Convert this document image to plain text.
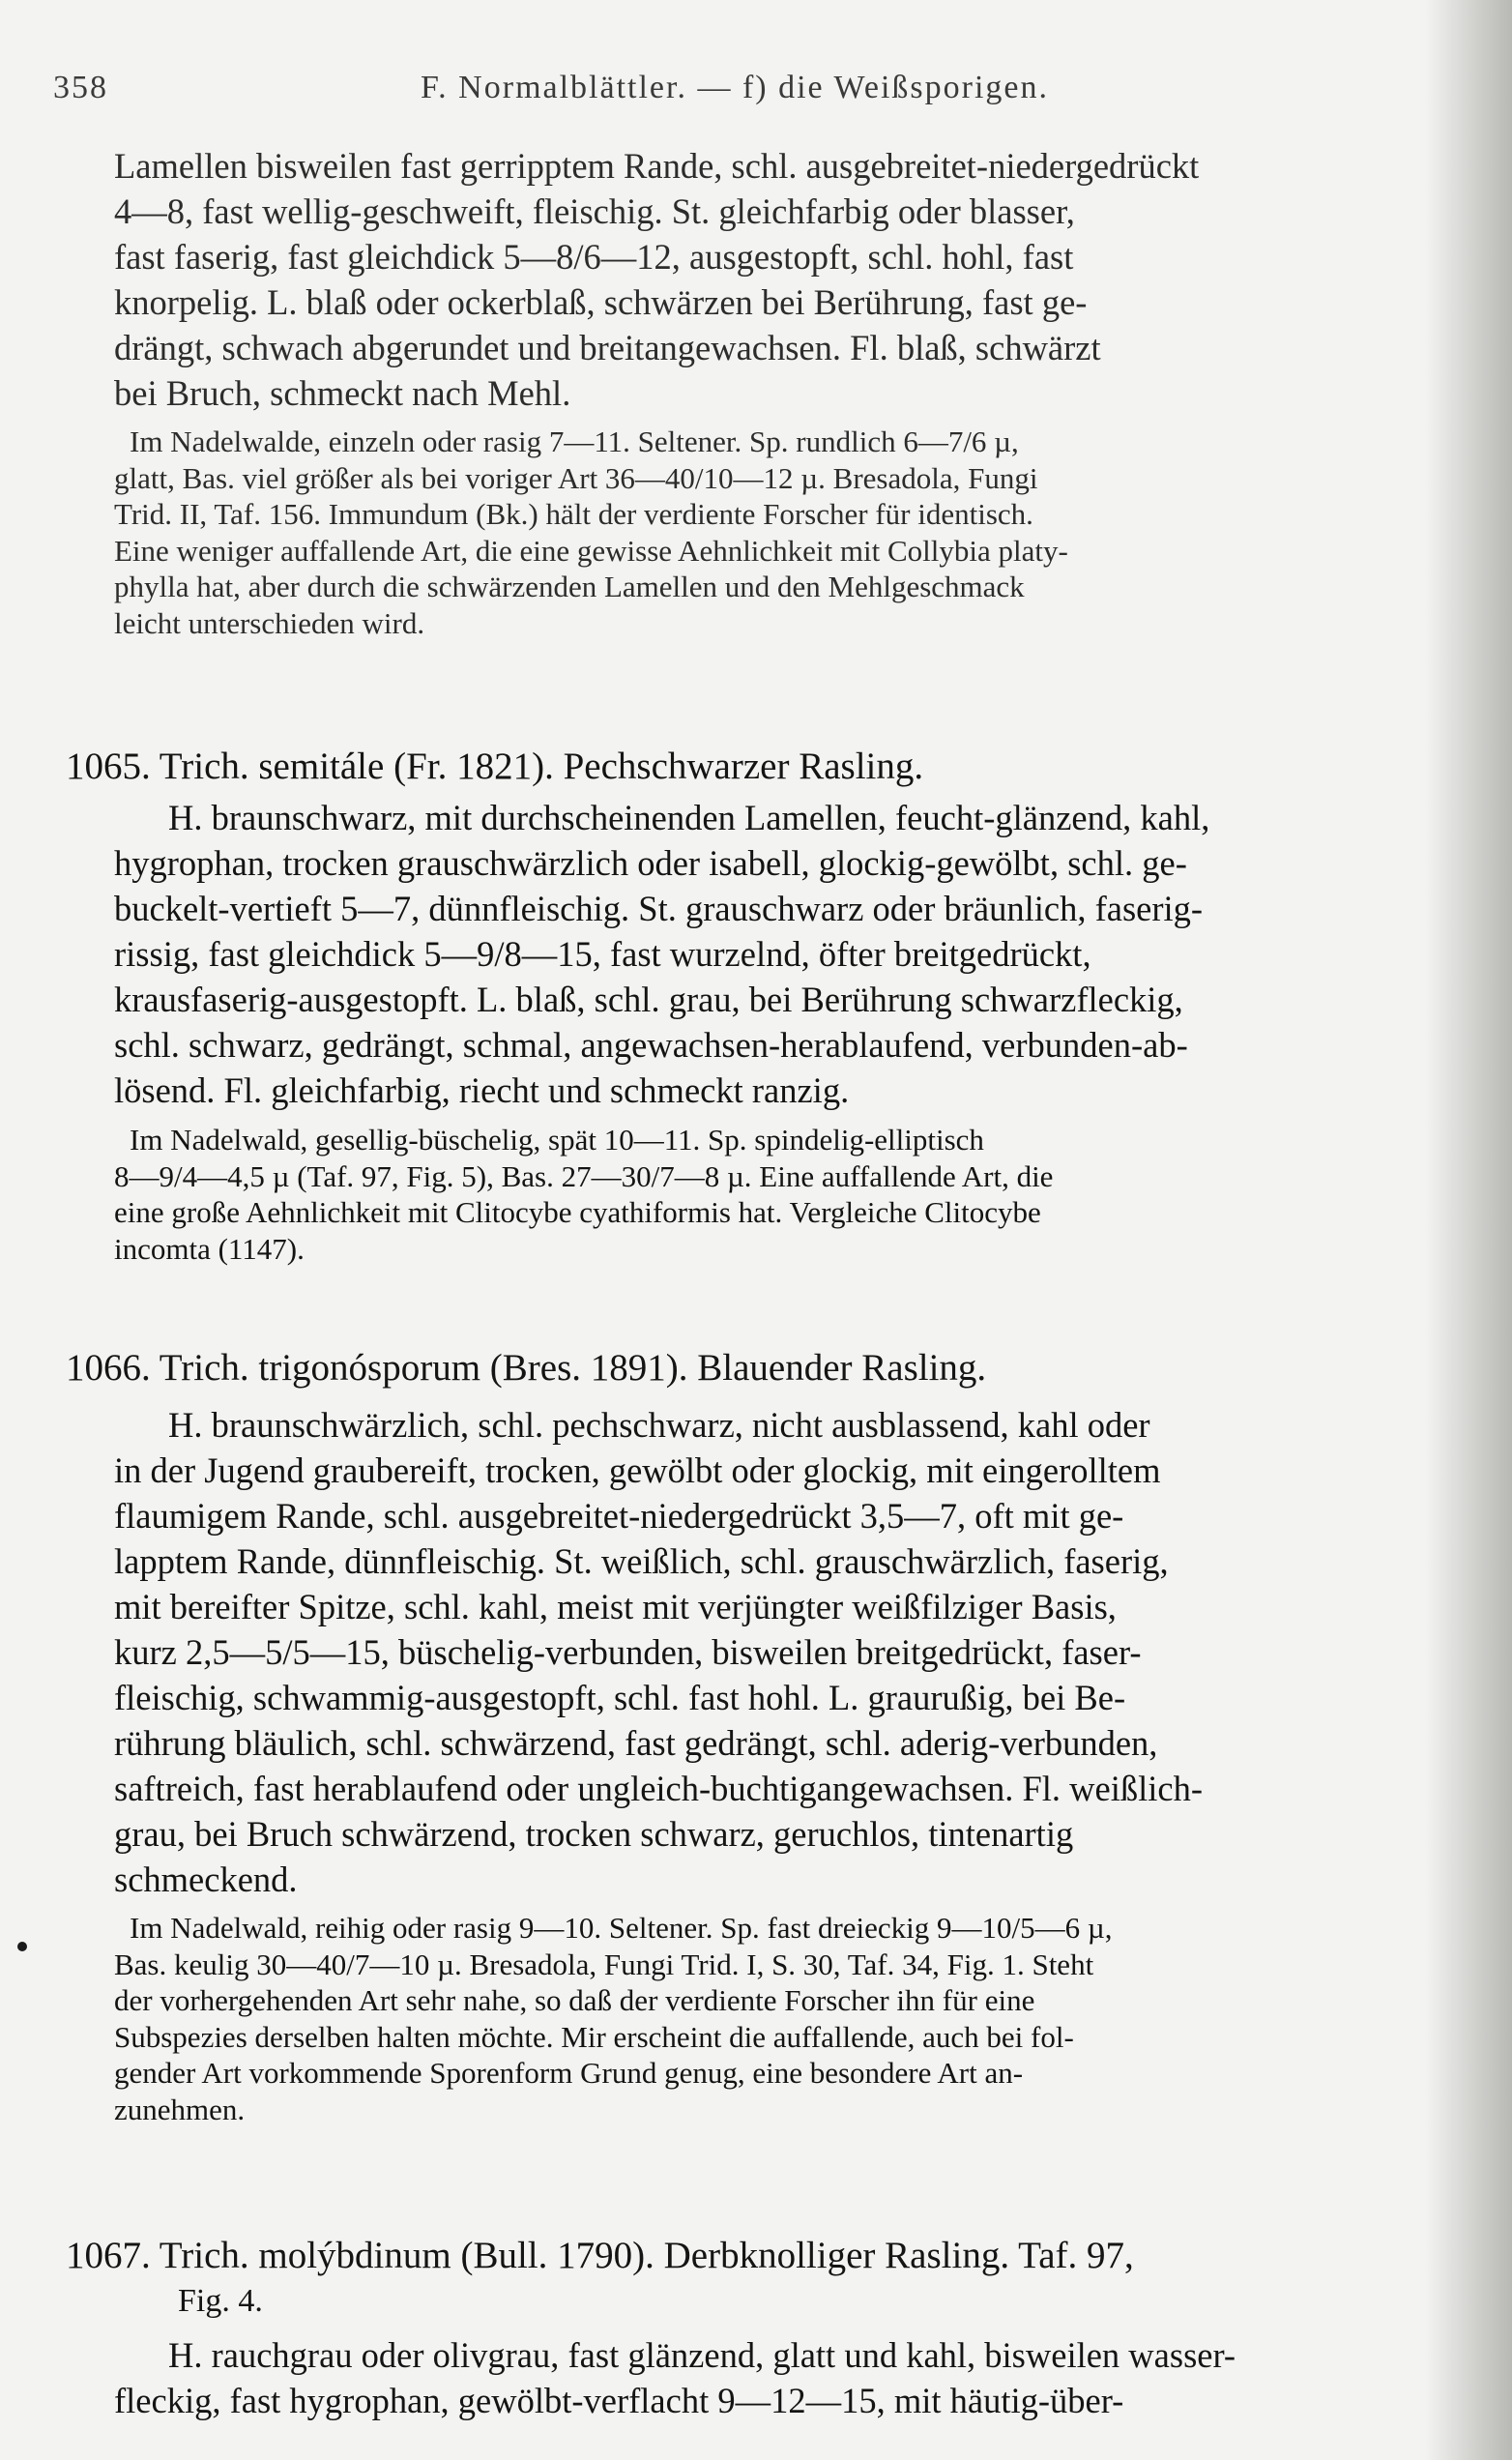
358	F. Normalblättler. — f) die Weißsporigen.
Lamellen bisweilen fast gerripptem Rande, schl. ausgebreitet-niedergedrückt
4—8, fast wellig-geschweift, fleischig. St. gleichfarbig oder blasser,
fast faserig, fast gleichdick 5—8/6—12, ausgestopft, schl. hohl, fast
knorpelig. L. blaß oder ockerblaß, schwärzen bei Berührung, fast ge-
drängt, schwach abgerundet und breitangewachsen. Fl. blaß, schwärzt
bei Bruch, schmeckt nach Mehl.
Im Nadelwalde, einzeln oder rasig 7—11. Seltener. Sp. rundlich 6—7/6 µ,
glatt, Bas. viel größer als bei voriger Art 36—40/10—12 µ. Bresadola, Fungi
Trid. II, Taf. 156. Immundum (Bk.) hält der verdiente Forscher für identisch.
Eine weniger auffallende Art, die eine gewisse Aehnlichkeit mit Collybia platy-
phylla hat, aber durch die schwärzenden Lamellen und den Mehlgeschmack
leicht unterschieden wird.
1065. Trich. semitále (Fr. 1821). Pechschwarzer Rasling.
H. braunschwarz, mit durchscheinenden Lamellen, feucht-glänzend, kahl,
hygrophan, trocken grauschwärzlich oder isabell, glockig-gewölbt, schl. ge-
buckelt-vertieft 5—7, dünnfleischig. St. grauschwarz oder bräunlich, faserig-
rissig, fast gleichdick 5—9/8—15, fast wurzelnd, öfter breitgedrückt,
krausfaserig-ausgestopft. L. blaß, schl. grau, bei Berührung schwarzfleckig,
schl. schwarz, gedrängt, schmal, angewachsen-herablaufend, verbunden-ab-
lösend. Fl. gleichfarbig, riecht und schmeckt ranzig.
Im Nadelwald, gesellig-büschelig, spät 10—11. Sp. spindelig-elliptisch
8—9/4—4,5 µ (Taf. 97, Fig. 5), Bas. 27—30/7—8 µ. Eine auffallende Art, die
eine große Aehnlichkeit mit Clitocybe cyathiformis hat. Vergleiche Clitocybe
incomta (1147).
1066. Trich. trigonósporum (Bres. 1891). Blauender Rasling.
H. braunschwärzlich, schl. pechschwarz, nicht ausblassend, kahl oder
in der Jugend graubereift, trocken, gewölbt oder glockig, mit eingerolltem
flaumigem Rande, schl. ausgebreitet-niedergedrückt 3,5—7, oft mit ge-
lapptem Rande, dünnfleischig. St. weißlich, schl. grauschwärzlich, faserig,
mit bereifter Spitze, schl. kahl, meist mit verjüngter weißfilziger Basis,
kurz 2,5—5/5—15, büschelig-verbunden, bisweilen breitgedrückt, faser-
fleischig, schwammig-ausgestopft, schl. fast hohl. L. graurußig, bei Be-
rührung bläulich, schl. schwärzend, fast gedrängt, schl. aderig-verbunden,
saftreich, fast herablaufend oder ungleich-buchtigangewachsen. Fl. weißlich-
grau, bei Bruch schwärzend, trocken schwarz, geruchlos, tintenartig
schmeckend.
Im Nadelwald, reihig oder rasig 9—10. Seltener. Sp. fast dreieckig 9—10/5—6 µ,
Bas. keulig 30—40/7—10 µ. Bresadola, Fungi Trid. I, S. 30, Taf. 34, Fig. 1. Steht
der vorhergehenden Art sehr nahe, so daß der verdiente Forscher ihn für eine
Subspezies derselben halten möchte. Mir erscheint die auffallende, auch bei fol-
gender Art vorkommende Sporenform Grund genug, eine besondere Art an-
zunehmen.
1067. Trich. molýbdinum (Bull. 1790). Derbknolliger Rasling. Taf. 97,
Fig. 4.
H. rauchgrau oder olivgrau, fast glänzend, glatt und kahl, bisweilen wasser-
fleckig, fast hygrophan, gewölbt-verflacht 9—12—15, mit häutig-über-
